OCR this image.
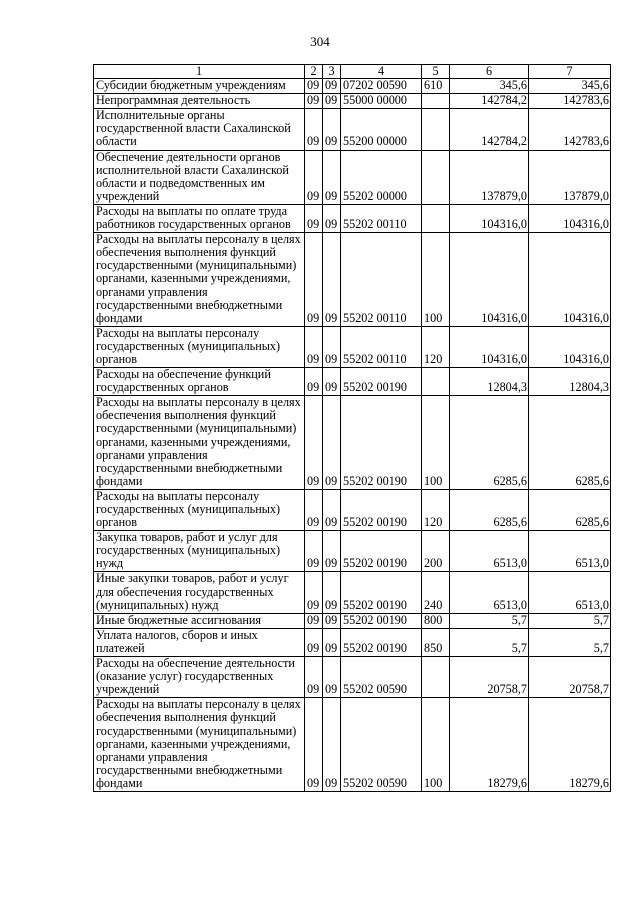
304
1	2	3	4	5	6	7
Субсидии бюджетным учреждениям	09	09	07202 00590	610	345,6	345,6
Непрограммная деятельность	09	09	55000 00000		142784,2	142783,6
Исполнительные органы государственной власти Сахалинской области	09	09	55200 00000		142784,2	142783,6
Обеспечение деятельности органов исполнительной власти Сахалинской области и подведомственных им учреждений	09	09	55202 00000		137879,0	137879,0
Расходы на выплаты по оплате труда работников государственных органов	09	09	55202 00110		104316,0	104316,0
Расходы на выплаты персоналу в целях обеспечения выполнения функций государственными (муниципальными) органами, казенными учреждениями, органами управления государственными внебюджетными фондами	09	09	55202 00110	100	104316,0	104316,0
Расходы на выплаты персоналу государственных (муниципальных) органов	09	09	55202 00110	120	104316,0	104316,0
Расходы на обеспечение функций государственных органов	09	09	55202 00190		12804,3	12804,3
Расходы на выплаты персоналу в целях обеспечения выполнения функций государственными (муниципальными) органами, казенными учреждениями, органами управления государственными внебюджетными фондами	09	09	55202 00190	100	6285,6	6285,6
Расходы на выплаты персоналу государственных (муниципальных) органов	09	09	55202 00190	120	6285,6	6285,6
Закупка товаров, работ и услуг для государственных (муниципальных) нужд	09	09	55202 00190	200	6513,0	6513,0
Иные закупки товаров, работ и услуг для обеспечения государственных (муниципальных) нужд	09	09	55202 00190	240	6513,0	6513,0
Иные бюджетные ассигнования	09	09	55202 00190	800	5,7	5,7
Уплата налогов, сборов и иных платежей	09	09	55202 00190	850	5,7	5,7
Расходы на обеспечение деятельности (оказание услуг) государственных учреждений	09	09	55202 00590		20758,7	20758,7
Расходы на выплаты персоналу в целях обеспечения выполнения функций государственными (муниципальными) органами, казенными учреждениями, органами управления государственными внебюджетными фондами	09	09	55202 00590	100	18279,6	18279,6
